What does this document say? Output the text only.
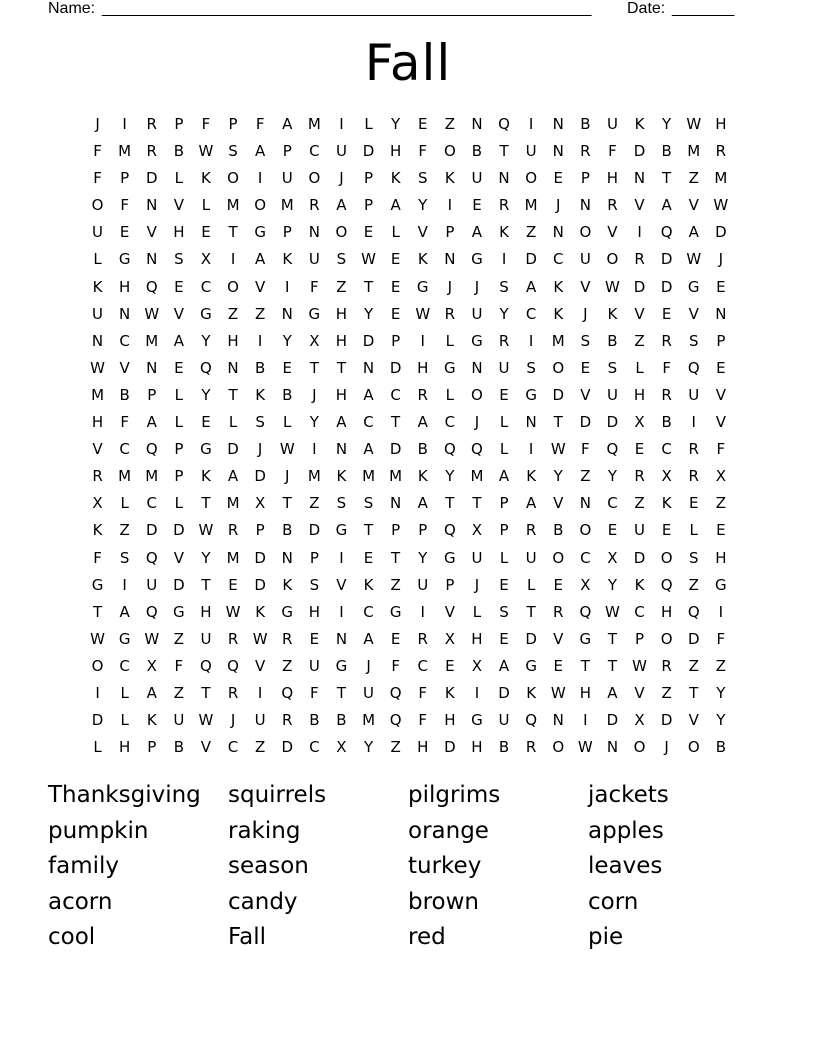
Name: _______________________________________________________ Date: _______
Fall
J	I	R	P	F	P	F	A	M	I	L	Y	E	Z	N	Q	I	N	B	U	K	Y	W H
F	M	R	B W S	A	P	C	U	D	H	F	O	B	T	U	N	R	F	D	B	M	R
F	P	D	L	K	O	I	U	O	J	P	K	S	K	U	N	O	E	P	H	N	T	Z	M
O	F	N	V	L	M O M	R	A	P	A	Y	I	E	R	M	J	N	R	V	A	V W
U	E	V	H	E	T	G	P	N	O	E	L	V	P	A	K	Z	N	O	V	I	Q	A	D
L	G	N	S	X	I	A	K	U	S W E	K	N	G	I	D	C	U	O	R	D W	J
K	H	Q	E	C	O	V	I	F	Z	T	E	G	J	J	S	A	K	V W D	D	G	E
U	N W V	G	Z	Z	N	G	H	Y	E W R	U	Y	C	K	J	K	V	E	V	N
N	C	M	A	Y	H	I	Y	X	H	D	P	I	L	G	R	I	M	S	B	Z	R	S	P
W V	N	E	Q	N	B	E	T	T	N	D	H	G	N	U	S	O	E	S	L	F	Q	E
M	B	P	L	Y	T	K	B	J	H	A	C	R	L	O	E	G	D	V	U	H	R	U	V
H	F	A	L	E	L	S	L	Y	A	C	T	A	C	J	L	N	T	D	D	X	B	I	V
V	C	Q	P	G	D	J	W	I	N	A	D	B	Q	Q	L	I	W	F	Q	E	C	R	F
R	M M	P	K	A	D	J	M	K	M M	K	Y	M	A	K	Y	Z	Y	R	X	R	X
X	L	C	L	T	M	X	T	Z	S	S	N	A	T	T	P	A	V	N	C	Z	K	E	Z
K	Z	D	D W R	P	B	D	G	T	P	P	Q	X	P	R	B	O	E	U	E	L	E
F	S	Q	V	Y	M D	N	P	I	E	T	Y	G	U	L	U	O	C	X	D	O	S	H
G	I	U	D	T	E	D	K	S	V	K	Z	U	P	J	E	L	E	X	Y	K	Q	Z	G
T	A	Q	G	H W K	G	H	I	C	G	I	V	L	S	T	R	Q W C	H	Q	I
W G W Z	U	R W R	E	N	A	E	R	X	H	E	D	V	G	T	P	O	D	F
O	C	X	F	Q	Q	V	Z	U	G	J	F	C	E	X	A	G	E	T	T	W R	Z	Z
I	L	A	Z	T	R	I	Q	F	T	U	Q	F	K	I	D	K W H	A	V	Z	T	Y
D	L	K	U W	J	U	R	B	B	M Q	F	H	G	U	Q	N	I	D	X	D	V	Y
L	H	P	B	V	C	Z	D	C	X	Y	Z	H	D	H	B	R	O W N	O	J	O	B
Thanksgiving	squirrels	pilgrims	jackets
pumpkin	raking	orange	apples
family	season	turkey	leaves
acorn	candy	brown	corn
cool	Fall	red	pie
